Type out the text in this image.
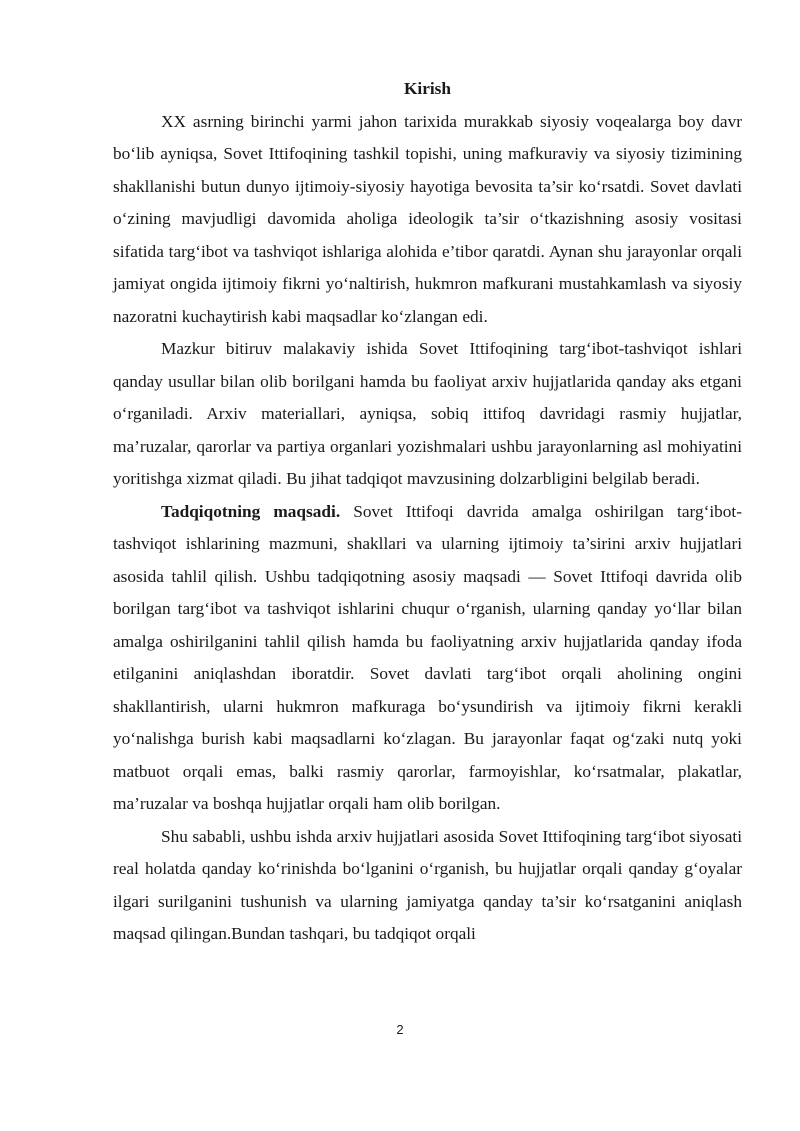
Kirish

XX asrning birinchi yarmi jahon tarixida murakkab siyosiy voqealarga boy davr bo‘lib ayniqsa, Sovet Ittifoqining tashkil topishi, uning mafkuraviy va siyosiy tizimining shakllanishi butun dunyo ijtimoiy-siyosiy hayotiga bevosita ta’sir ko‘rsatdi. Sovet davlati o‘zining mavjudligi davomida aholiga ideologik ta’sir o‘tkazishning asosiy vositasi sifatida targ‘ibot va tashviqot ishlariga alohida e’tibor qaratdi. Aynan shu jarayonlar orqali jamiyat ongida ijtimoiy fikrni yo‘naltirish, hukmron mafkurani mustahkamlash va siyosiy nazoratni kuchaytirish kabi maqsadlar ko‘zlangan edi.

Mazkur bitiruv malakaviy ishida Sovet Ittifoqining targ‘ibot-tashviqot ishlari qanday usullar bilan olib borilgani hamda bu faoliyat arxiv hujjatlarida qanday aks etgani o‘rganiladi. Arxiv materiallari, ayniqsa, sobiq ittifoq davridagi rasmiy hujjatlar, ma’ruzalar, qarorlar va partiya organlari yozishmalari ushbu jarayonlarning asl mohiyatini yoritishga xizmat qiladi. Bu jihat tadqiqot mavzusining dolzarbligini belgilab beradi.

Tadqiqotning maqsadi. Sovet Ittifoqi davrida amalga oshirilgan targ‘ibot-tashviqot ishlarining mazmuni, shakllari va ularning ijtimoiy ta’sirini arxiv hujjatlari asosida tahlil qilish. Ushbu tadqiqotning asosiy maqsadi — Sovet Ittifoqi davrida olib borilgan targ‘ibot va tashviqot ishlarini chuqur o‘rganish, ularning qanday yo‘llar bilan amalga oshirilganini tahlil qilish hamda bu faoliyatning arxiv hujjatlarida qanday ifoda etilganini aniqlashdan iboratdir. Sovet davlati targ‘ibot orqali aholining ongini shakllantirish, ularni hukmron mafkuraga bo‘ysundirish va ijtimoiy fikrni kerakli yo‘nalishga burish kabi maqsadlarni ko‘zlagan. Bu jarayonlar faqat og‘zaki nutq yoki matbuot orqali emas, balki rasmiy qarorlar, farmoyishlar, ko‘rsatmalar, plakatlar, ma’ruzalar va boshqa hujjatlar orqali ham olib borilgan.

Shu sababli, ushbu ishda arxiv hujjatlari asosida Sovet Ittifoqining targ‘ibot siyosati real holatda qanday ko‘rinishda bo‘lganini o‘rganish, bu hujjatlar orqali qanday g‘oyalar ilgari surilganini tushunish va ularning jamiyatga qanday ta’sir ko‘rsatganini aniqlash maqsad qilingan.Bundan tashqari, bu tadqiqot orqali

2
